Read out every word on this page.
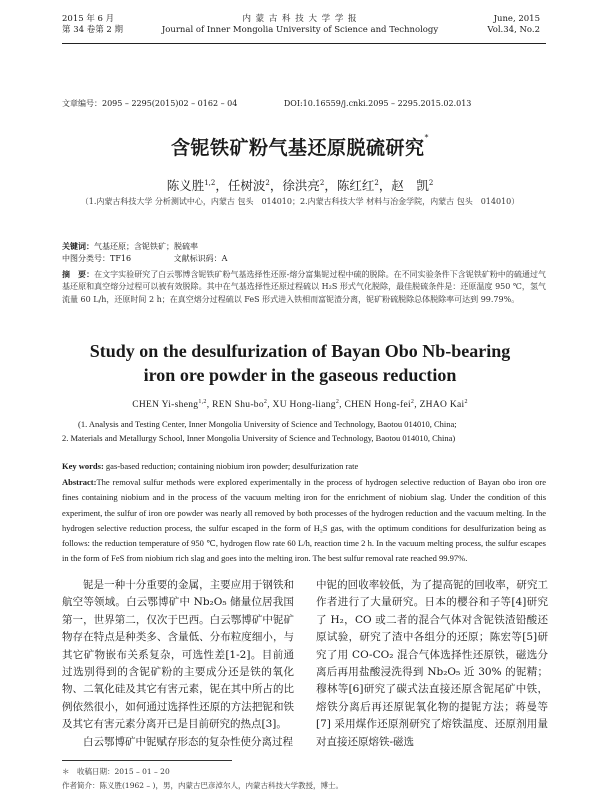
2015 年 6 月
第 34 卷第 2 期
内 蒙 古 科 技 大 学 学 报
Journal of Inner Mongolia University of Science and Technology
June, 2015
Vol.34, No.2
文章编号：2095 – 2295(2015)02 – 0162 – 04	DOI:10.16559/j.cnki.2095 – 2295.2015.02.013
含铌铁矿粉气基还原脱硫研究*
陈义胜$^{1,2}$，任树波$^2$，徐洪亮$^2$，陈红红$^2$，赵　凯$^2$
（1.内蒙古科技大学 分析测试中心，内蒙古 包头　014010；2.内蒙古科技大学 材料与冶金学院，内蒙古 包头　014010）
关键词：气基还原；含铌铁矿；脱硫率
中图分类号：TF16	文献标识码：A
摘　要：在文字实验研究了白云鄂博含铌铁矿粉气基选择性还原-熔分富集铌过程中硫的脱除。在不同实验条件下含铌铁矿粉中的硫通过气基还原和真空熔分过程可以被有效脱除。其中在气基选择性还原过程硫以 H₂S 形式气化脱除，最佳脱硫条件是：还原温度 950 ℃，氢气流量 60 L/h，还原时间 2 h；在真空熔分过程硫以 FeS 形式进入铁相而富铌渣分离，铌矿粉硫脱除总体脱除率可达到 99.79%。
Study on the desulfurization of Bayan Obo Nb-bearing
iron ore powder in the gaseous reduction
CHEN Yi-sheng$^{1,2}$, REN Shu-$bo^2$, XU Hong-liang$^2$, CHEN Hong-fei$^2$, ZHAO Kai$^2$
(1. Analysis and Testing Center, Inner Mongolia University of Science and Technology, Baotou 014010, China;
2. Materials and Metallurgy School, Inner Mongolia University of Science and Technology, Baotou 014010, China)
Key words: gas-based reduction; containing niobium iron powder; desulfurization rate
Abstract:The removal sulfur methods were explored experimentally in the process of hydrogen selective reduction of Bayan obo iron ore fines containing niobium and in the process of the vacuum melting iron for the enrichment of niobium slag. Under the condition of this experiment, the sulfur of iron ore powder was nearly all removed by both processes of the hydrogen reduction and the vacuum melting. In the hydrogen selective reduction process, the sulfur escaped in the form of H₂S gas, with the optimum conditions for desulfurization being as follows: the reduction temperature of 950 ℃, hydrogen flow rate 60 L/h, reaction time 2 h. In the vacuum melting process, the sulfur escapes in the form of FeS from niobium rich slag and goes into the melting iron. The best sulfur removal rate reached 99.97%.

铌是一种十分重要的金属，主要应用于钢铁和航空等领域。白云鄂博矿中 Nb₂O₅ 储量位居我国第一，世界第二，仅次于巴西。白云鄂博矿中铌矿物存在特点是种类多、含量低、分布粒度细小，与其它矿物嵌布关系复杂，可选性差[1-2]。目前通过选别得到的含铌矿粉的主要成分还是铁的氧化物、二氧化硅及其它有害元素，铌在其中所占的比例依然很小，如何通过选择性还原的方法把铌和铁及其它有害元素分离开已是目前研究的热点[3]。

白云鄂博矿中铌赋存形态的复杂性使分离过程

中铌的回收率较低，为了提高铌的回收率，研究工作者进行了大量研究。日本的樱谷和子等[4]研究了 H₂，CO 或二者的混合气体对含铌铁渣铅酸还原试验，研究了渣中各组分的还原；陈宏等[5]研究了用 CO-CO₂ 混合气体选择性还原铁，磁选分离后再用盐酸浸洗得到 Nb₂O₅ 近 30% 的铌精；穆林等[6]研究了碳式法直接还原含铌尾矿中铁，熔铁分离后再还原铌氧化物的提铌方法；蒋曼等[7] 采用煤作还原剂研究了熔铁温度、还原剂用量对直接还原熔铁-磁选

＊　收稿日期：2015 – 01 – 20
作者简介：陈义胜(1962 – )，男，内蒙古巴彦淖尔人，内蒙古科技大学教授，博士。
